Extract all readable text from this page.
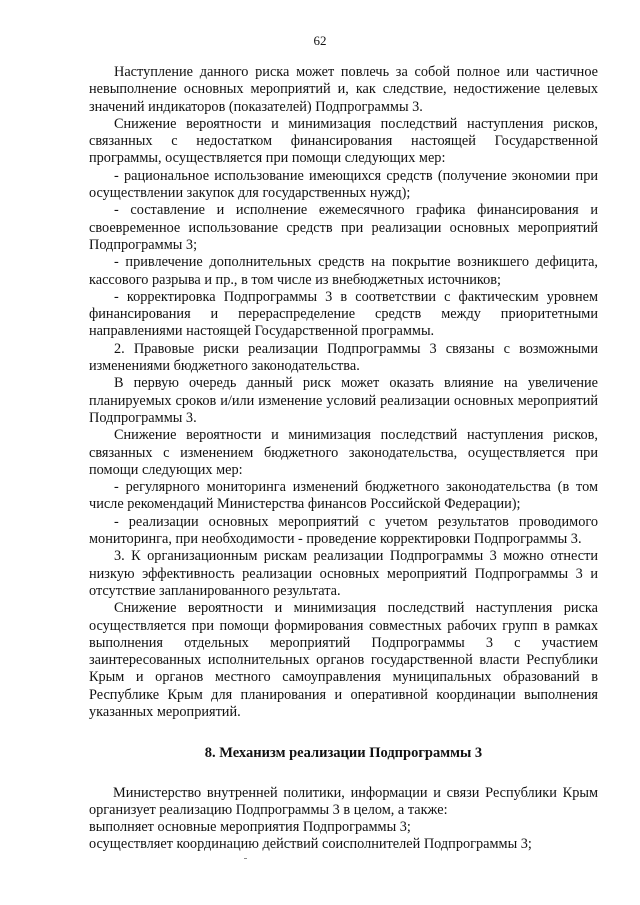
62

Наступление данного риска может повлечь за собой полное или частичное невыполнение основных мероприятий и, как следствие, недостижение целевых значений индикаторов (показателей) Подпрограммы 3.

Снижение вероятности и минимизация последствий наступления рисков, связанных с недостатком финансирования настоящей Государственной программы, осуществляется при помощи следующих мер:

- рациональное использование имеющихся средств (получение экономии при осуществлении закупок для государственных нужд);

- составление и исполнение ежемесячного графика финансирования и своевременное использование средств при реализации основных мероприятий Подпрограммы 3;

- привлечение дополнительных средств на покрытие возникшего дефицита, кассового разрыва и пр., в том числе из внебюджетных источников;

- корректировка Подпрограммы 3 в соответствии с фактическим уровнем финансирования и перераспределение средств между приоритетными направлениями настоящей Государственной программы.

2. Правовые риски реализации Подпрограммы 3 связаны с возможными изменениями бюджетного законодательства.

В первую очередь данный риск может оказать влияние на увеличение планируемых сроков и/или изменение условий реализации основных мероприятий Подпрограммы 3.

Снижение вероятности и минимизация последствий наступления рисков, связанных с изменением бюджетного законодательства, осуществляется при помощи следующих мер:

- регулярного мониторинга изменений бюджетного законодательства (в том числе рекомендаций Министерства финансов Российской Федерации);

- реализации основных мероприятий с учетом результатов проводимого мониторинга, при необходимости - проведение корректировки Подпрограммы 3.

3. К организационным рискам реализации Подпрограммы 3 можно отнести низкую эффективность реализации основных мероприятий Подпрограммы 3 и отсутствие запланированного результата.

Снижение вероятности и минимизация последствий наступления риска осуществляется при помощи формирования совместных рабочих групп в рамках выполнения отдельных мероприятий Подпрограммы 3 с участием заинтересованных исполнительных органов государственной власти Республики Крым и органов местного самоуправления муниципальных образований в Республике Крым для планирования и оперативной координации выполнения указанных мероприятий.

8. Механизм реализации Подпрограммы 3

Министерство внутренней политики, информации и связи Республики Крым организует реализацию Подпрограммы 3 в целом, а также:

выполняет основные мероприятия Подпрограммы 3;

осуществляет координацию действий соисполнителей Подпрограммы 3;
